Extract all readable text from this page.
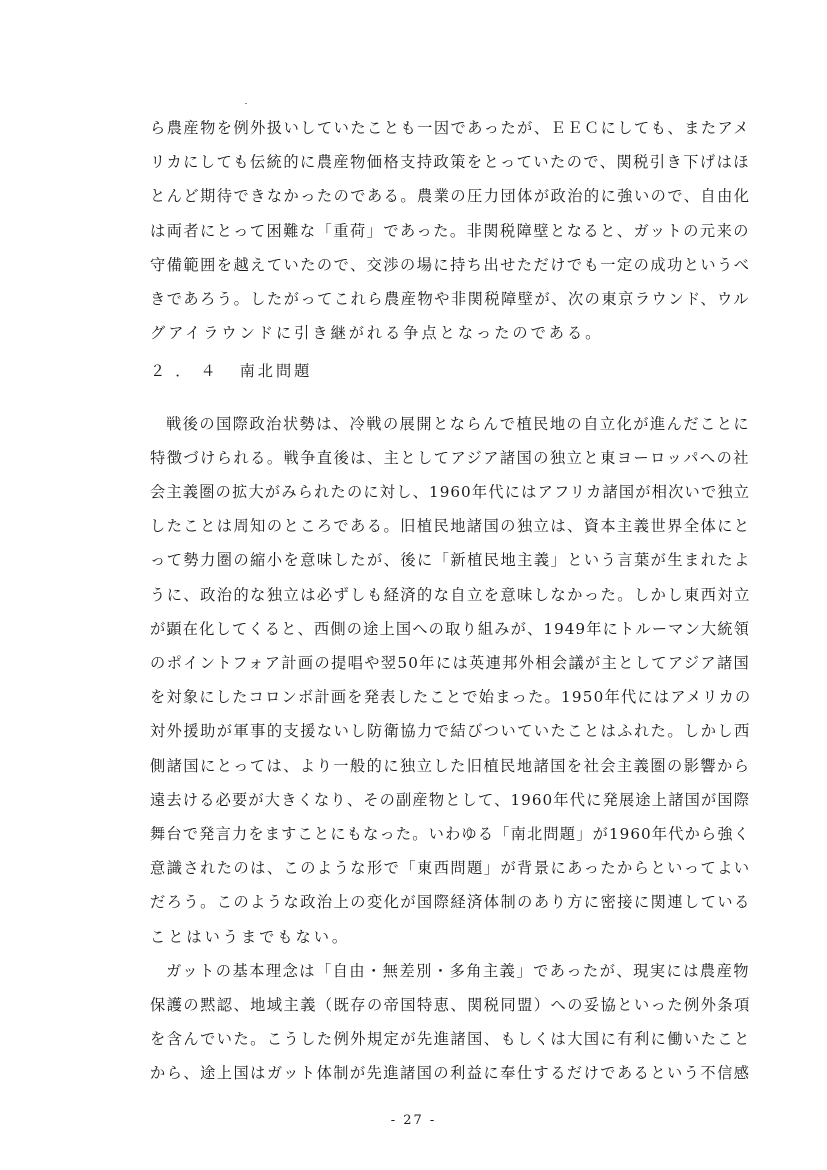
ら農産物を例外扱いしていたことも一因であったが、ＥＥＣにしても、またアメ
リカにしても伝統的に農産物価格支持政策をとっていたので、関税引き下げはほ
とんど期待できなかったのである。農業の圧力団体が政治的に強いので、自由化
は両者にとって困難な「重荷」であった。非関税障壁となると、ガットの元来の
守備範囲を越えていたので、交渉の場に持ち出せただけでも一定の成功というべ
きであろう。したがってこれら農産物や非関税障壁が、次の東京ラウンド、ウル
グアイラウンドに引き継がれる争点となったのである。
２．４ 南北問題
戦後の国際政治状勢は、冷戦の展開とならんで植民地の自立化が進んだことに
特徴づけられる。戦争直後は、主としてアジア諸国の独立と東ヨーロッパへの社
会主義圏の拡大がみられたのに対し、1960年代にはアフリカ諸国が相次いで独立
したことは周知のところである。旧植民地諸国の独立は、資本主義世界全体にと
って勢力圏の縮小を意味したが、後に「新植民地主義」という言葉が生まれたよ
うに、政治的な独立は必ずしも経済的な自立を意味しなかった。しかし東西対立
が顕在化してくると、西側の途上国への取り組みが、1949年にトルーマン大統領
のポイントフォア計画の提唱や翌50年には英連邦外相会議が主としてアジア諸国
を対象にしたコロンボ計画を発表したことで始まった。1950年代にはアメリカの
対外援助が軍事的支援ないし防衛協力で結びついていたことはふれた。しかし西
側諸国にとっては、より一般的に独立した旧植民地諸国を社会主義圏の影響から
遠去ける必要が大きくなり、その副産物として、1960年代に発展途上諸国が国際
舞台で発言力をますことにもなった。いわゆる「南北問題」が1960年代から強く
意識されたのは、このような形で「東西問題」が背景にあったからといってよい
だろう。このような政治上の変化が国際経済体制のあり方に密接に関連している
ことはいうまでもない。
ガットの基本理念は「自由・無差別・多角主義」であったが、現実には農産物
保護の黙認、地域主義（既存の帝国特恵、関税同盟）への妥協といった例外条項
を含んでいた。こうした例外規定が先進諸国、もしくは大国に有利に働いたこと
から、途上国はガット体制が先進諸国の利益に奉仕するだけであるという不信感
- 27 -
